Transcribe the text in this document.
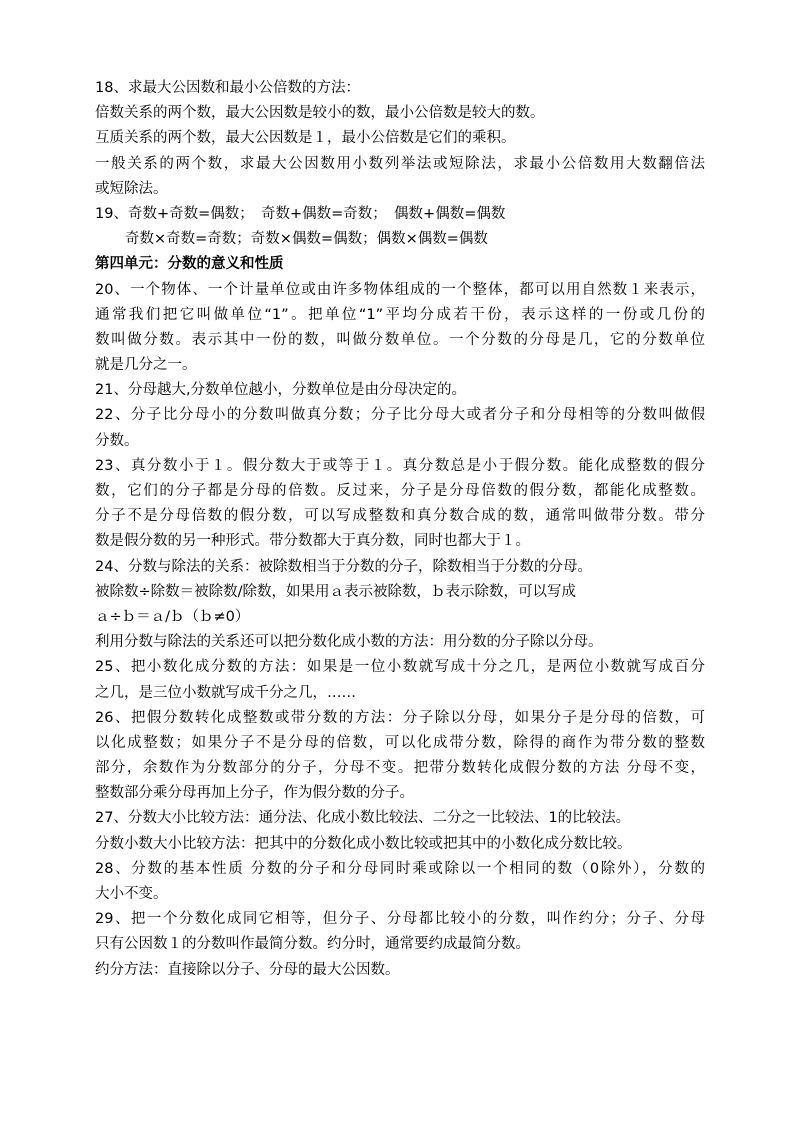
18、求最大公因数和最小公倍数的方法：
倍数关系的两个数，最大公因数是较小的数，最小公倍数是较大的数。
互质关系的两个数，最大公因数是１，最小公倍数是它们的乘积。
一般关系的两个数，求最大公因数用小数列举法或短除法，求最小公倍数用大数翻倍法
或短除法。
19、奇数+奇数=偶数；　奇数+偶数=奇数；　偶数+偶数=偶数
奇数×奇数=奇数；奇数×偶数=偶数；偶数×偶数=偶数
第四单元：分数的意义和性质
20、一个物体、一个计量单位或由许多物体组成的一个整体，都可以用自然数１来表示，
通常我们把它叫做单位“1”。把单位“1”平均分成若干份，表示这样的一份或几份的
数叫做分数。表示其中一份的数，叫做分数单位。一个分数的分母是几，它的分数单位
就是几分之一。
21、分母越大,分数单位越小，分数单位是由分母决定的。
22、分子比分母小的分数叫做真分数；分子比分母大或者分子和分母相等的分数叫做假
分数。
23、真分数小于１。假分数大于或等于１。真分数总是小于假分数。能化成整数的假分
数，它们的分子都是分母的倍数。反过来，分子是分母倍数的假分数，都能化成整数。
分子不是分母倍数的假分数，可以写成整数和真分数合成的数，通常叫做带分数。带分
数是假分数的另一种形式。带分数都大于真分数，同时也都大于１。
24、分数与除法的关系：被除数相当于分数的分子，除数相当于分数的分母。
被除数÷除数＝被除数/除数，如果用ａ表示被除数，ｂ表示除数，可以写成
ａ÷ｂ＝ａ/ｂ（ｂ≠0）
利用分数与除法的关系还可以把分数化成小数的方法：用分数的分子除以分母。
25、把小数化成分数的方法：如果是一位小数就写成十分之几，是两位小数就写成百分
之几，是三位小数就写成千分之几，……
26、把假分数转化成整数或带分数的方法：分子除以分母，如果分子是分母的倍数，可
以化成整数；如果分子不是分母的倍数，可以化成带分数，除得的商作为带分数的整数
部分，余数作为分数部分的分子，分母不变。把带分数转化成假分数的方法 分母不变，
整数部分乘分母再加上分子，作为假分数的分子。
27、分数大小比较方法：通分法、化成小数比较法、二分之一比较法、1的比较法。
分数小数大小比较方法：把其中的分数化成小数比较或把其中的小数化成分数比较。
28、分数的基本性质 分数的分子和分母同时乘或除以一个相同的数（0除外），分数的
大小不变。
29、把一个分数化成同它相等，但分子、分母都比较小的分数，叫作约分；分子、分母
只有公因数１的分数叫作最简分数。约分时，通常要约成最简分数。
约分方法：直接除以分子、分母的最大公因数。
